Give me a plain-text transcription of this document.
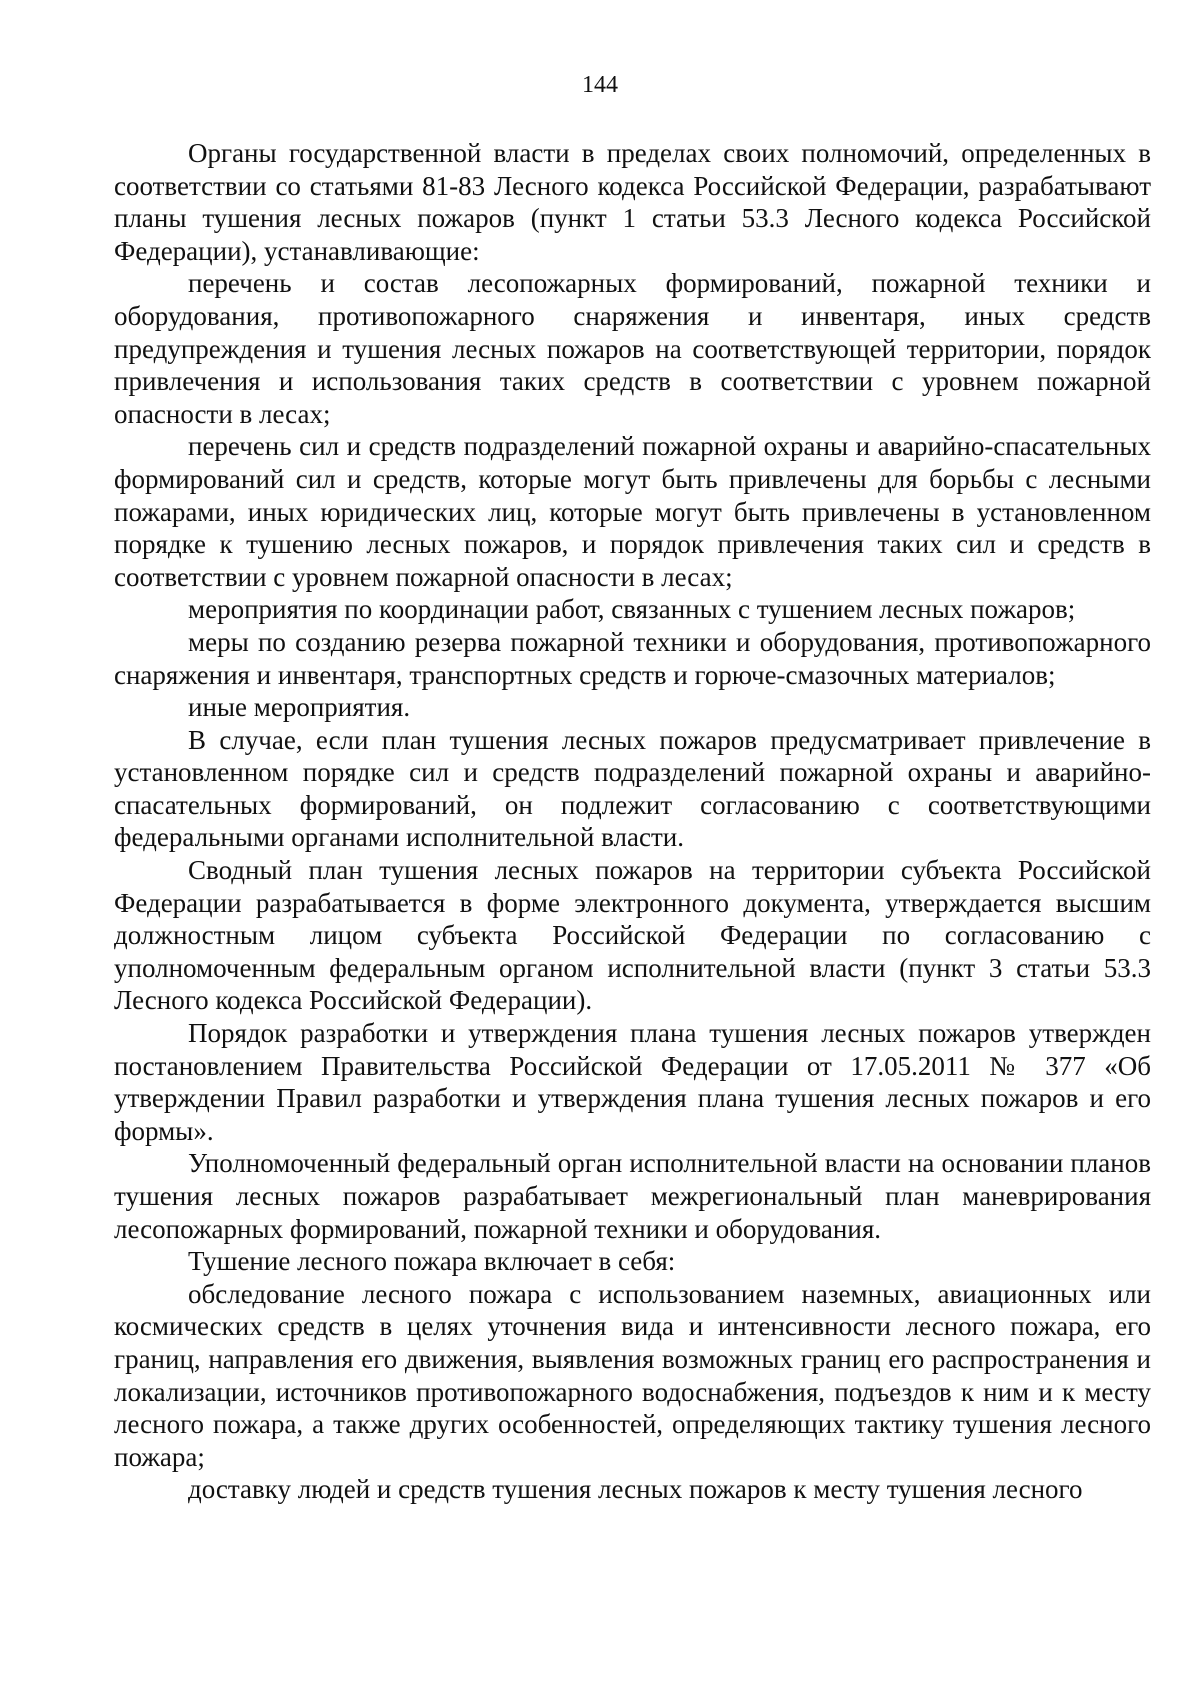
144

Органы государственной власти в пределах своих полномочий, определенных в соответствии со статьями 81-83 Лесного кодекса Российской Федерации, разрабатывают планы тушения лесных пожаров (пункт 1 статьи 53.3 Лесного кодекса Российской Федерации), устанавливающие:

перечень и состав лесопожарных формирований, пожарной техники и оборудования, противопожарного снаряжения и инвентаря, иных средств предупреждения и тушения лесных пожаров на соответствующей территории, порядок привлечения и использования таких средств в соответствии с уровнем пожарной опасности в лесах;

перечень сил и средств подразделений пожарной охраны и аварийно-спасательных формирований сил и средств, которые могут быть привлечены для борьбы с лесными пожарами, иных юридических лиц, которые могут быть привлечены в установленном порядке к тушению лесных пожаров, и порядок привлечения таких сил и средств в соответствии с уровнем пожарной опасности в лесах;

мероприятия по координации работ, связанных с тушением лесных пожаров;

меры по созданию резерва пожарной техники и оборудования, противопожарного снаряжения и инвентаря, транспортных средств и горюче-смазочных материалов;

иные мероприятия.

В случае, если план тушения лесных пожаров предусматривает привлечение в установленном порядке сил и средств подразделений пожарной охраны и аварийно-спасательных формирований, он подлежит согласованию с соответствующими федеральными органами исполнительной власти.

Сводный план тушения лесных пожаров на территории субъекта Российской Федерации разрабатывается в форме электронного документа, утверждается высшим должностным лицом субъекта Российской Федерации по согласованию с уполномоченным федеральным органом исполнительной власти (пункт 3 статьи 53.3 Лесного кодекса Российской Федерации).

Порядок разработки и утверждения плана тушения лесных пожаров утвержден постановлением Правительства Российской Федерации от 17.05.2011 № 377 «Об утверждении Правил разработки и утверждения плана тушения лесных пожаров и его формы».

Уполномоченный федеральный орган исполнительной власти на основании планов тушения лесных пожаров разрабатывает межрегиональный план маневрирования лесопожарных формирований, пожарной техники и оборудования.

Тушение лесного пожара включает в себя:

обследование лесного пожара с использованием наземных, авиационных или космических средств в целях уточнения вида и интенсивности лесного пожара, его границ, направления его движения, выявления возможных границ его распространения и локализации, источников противопожарного водоснабжения, подъездов к ним и к месту лесного пожара, а также других особенностей, определяющих тактику тушения лесного пожара;

доставку людей и средств тушения лесных пожаров к месту тушения лесного
